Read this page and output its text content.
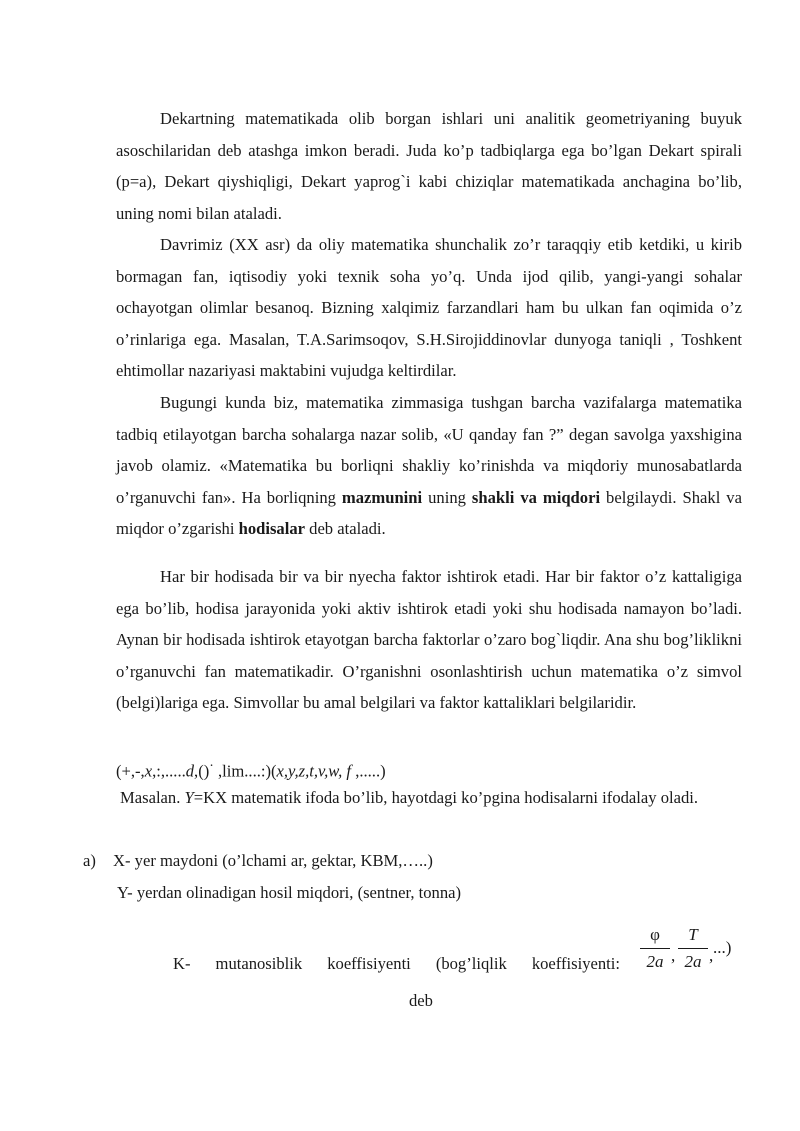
Dekartning matematikada olib borgan ishlari uni analitik geometriyaning buyuk asoschilaridan deb atashga imkon beradi. Juda ko’p tadbiqlarga ega bo’lgan Dekart spirali (p=a), Dekart qiyshiqligi, Dekart yaprog`i kabi chiziqlar matematikada anchagina bo’lib, uning nomi bilan ataladi.

Davrimiz (XX asr) da oliy matematika shunchalik zo’r taraqqiy etib ketdiki, u kirib bormagan fan, iqtisodiy yoki texnik soha yo’q. Unda ijod qilib, yangi-yangi sohalar ochayotgan olimlar besanoq. Bizning xalqimiz farzandlari ham bu ulkan fan oqimida o’z o’rinlariga ega. Masalan, T.A.Sarimsoqov, S.H.Sirojiddinovlar dunyoga taniqli , Toshkent ehtimollar nazariyasi maktabini vujudga keltirdilar.

Bugungi kunda biz, matematika zimmasiga tushgan barcha vazifalarga matematika tadbiq etilayotgan barcha sohalarga nazar solib, «U qanday fan ?” degan savolga yaxshigina javob olamiz. «Matematika bu borliqni shakliy ko’rinishda va miqdoriy munosabatlarda o’rganuvchi fan». Ha borliqning mazmunini uning shakli va miqdori belgilaydi. Shakl va miqdor o’zgarishi hodisalar deb ataladi.

Har bir hodisada bir va bir nyecha faktor ishtirok etadi. Har bir faktor o’z kattaligiga ega bo’lib, hodisa jarayonida yoki aktiv ishtirok etadi yoki shu hodisada namayon bo’ladi. Aynan bir hodisada ishtirok etayotgan barcha faktorlar o’zaro bog`liqdir. Ana shu bog’liklikni o’rganuvchi fan matematikadir. O’rganishni osonlashtirish uchun matematika o’z simvol (belgi)lariga ega. Simvollar bu amal belgilari va faktor kattaliklari belgilaridir.

(+,-,x,:,.....d,()· ,lim....:)(x,y,z,t,v,w, f ,.....)

Masalan. Y=KX matematik ifoda bo’lib, hayotdagi ko’pgina hodisalarni ifodalay oladi.

a) X- yer maydoni (o’lchami ar, gektar, KBM,…..)

Y- yerdan olinadigan hosil miqdori, (sentner, tonna)

K- mutanosiblik koeffisiyenti (bog’liqlik koeffisiyenti:

φ
2a ,
T
2a , ...)

deb
